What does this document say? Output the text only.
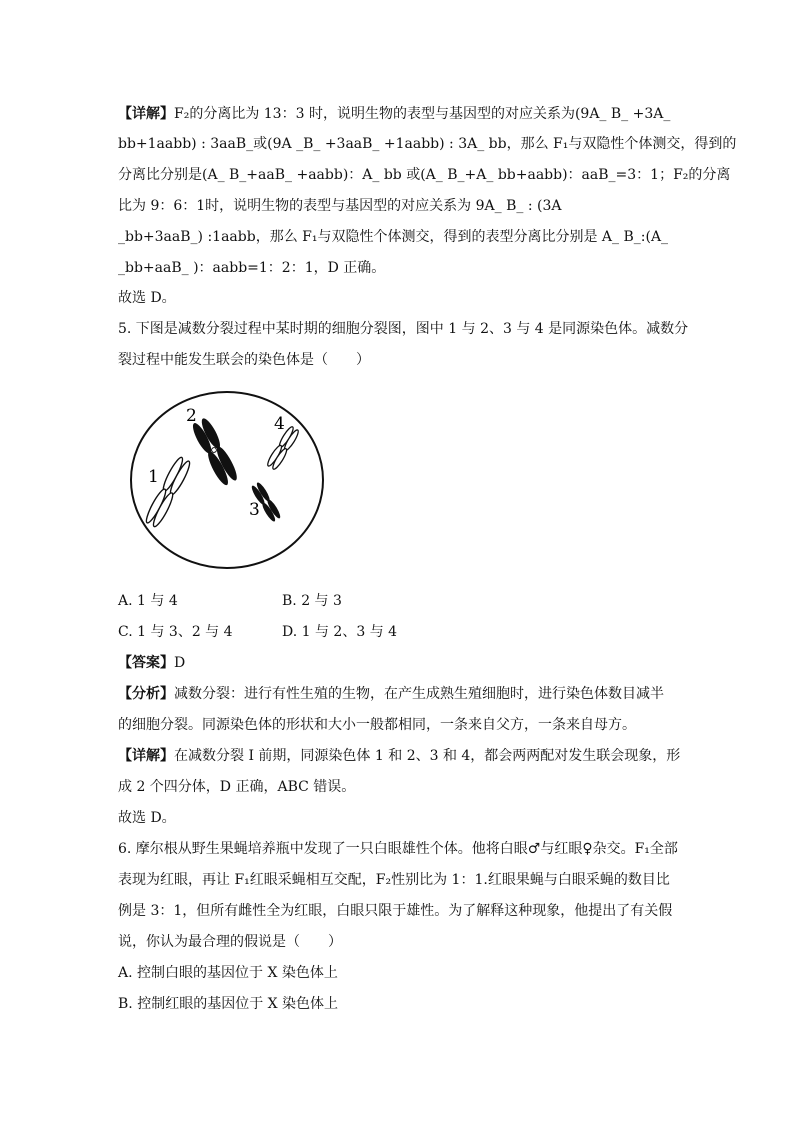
【详解】F₂的分离比为 13：3 时，说明生物的表型与基因型的对应关系为(9A_ B_ +3A_
bb+1aabb) : 3aaB_或(9A _B_ +3aaB_ +1aabb) : 3A_ bb，那么 F₁与双隐性个体测交，得到的
分离比分别是(A_ B_+aaB_ +aabb)：A_ bb 或(A_ B_+A_ bb+aabb)：aaB_=3：1；F₂的分离
比为 9：6：1时，说明生物的表型与基因型的对应关系为 9A_ B_ : (3A
_bb+3aaB_) :1aabb，那么 F₁与双隐性个体测交，得到的表型分离比分别是 A_ B_:(A_
_bb+aaB_ )：aabb=1：2：1，D 正确。
故选 D。
5. 下图是减数分裂过程中某时期的细胞分裂图，图中 1 与 2、3 与 4 是同源染色体。减数分
裂过程中能发生联会的染色体是（　　）
1
2
3
4
A. 1 与 4	B. 2 与 3
C. 1 与 3、2 与 4	D. 1 与 2、3 与 4
【答案】D
【分析】减数分裂：进行有性生殖的生物，在产生成熟生殖细胞时，进行染色体数目减半
的细胞分裂。同源染色体的形状和大小一般都相同，一条来自父方，一条来自母方。
【详解】在减数分裂 I 前期，同源染色体 1 和 2、3 和 4，都会两两配对发生联会现象，形
成 2 个四分体，D 正确，ABC 错误。
故选 D。
6. 摩尔根从野生果蝇培养瓶中发现了一只白眼雄性个体。他将白眼♂与红眼♀杂交。F₁全部
表现为红眼，再让 F₁红眼采蝇相互交配，F₂性别比为 1：1.红眼果蝇与白眼采蝇的数目比
例是 3：1，但所有雌性全为红眼，白眼只限于雄性。为了解释这种现象，他提出了有关假
说，你认为最合理的假说是（　　）
A. 控制白眼的基因位于 X 染色体上
B. 控制红眼的基因位于 X 染色体上
